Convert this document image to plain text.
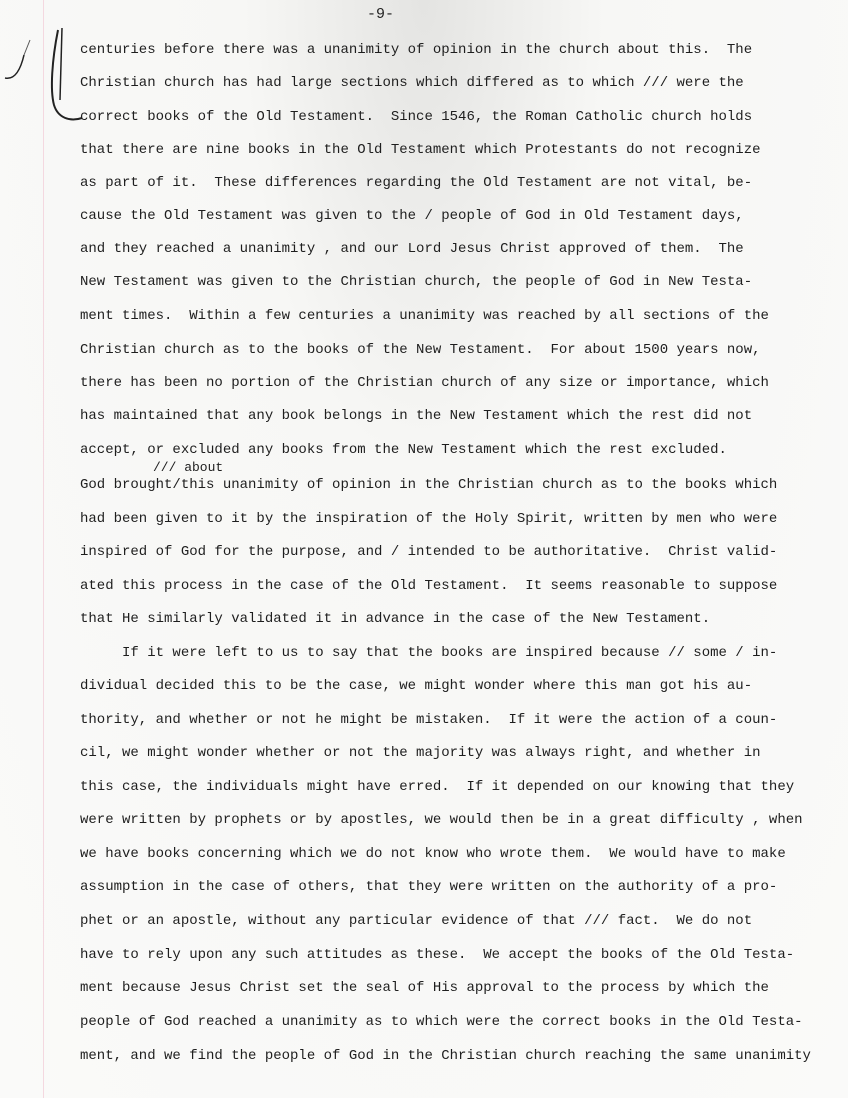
-9-
/// about
centuries before there was a unanimity of opinion in the church about this.  The
Christian church has had large sections which differed as to which /// were the
correct books of the Old Testament.  Since 1546, the Roman Catholic church holds
that there are nine books in the Old Testament which Protestants do not recognize
as part of it.  These differences regarding the Old Testament are not vital, be-
cause the Old Testament was given to the / people of God in Old Testament days,
and they reached a unanimity , and our Lord Jesus Christ approved of them.  The
New Testament was given to the Christian church, the people of God in New Testa-
ment times.  Within a few centuries a unanimity was reached by all sections of the
Christian church as to the books of the New Testament.  For about 1500 years now,
there has been no portion of the Christian church of any size or importance, which
has maintained that any book belongs in the New Testament which the rest did not
accept, or excluded any books from the New Testament which the rest excluded.
God brought/this unanimity of opinion in the Christian church as to the books which
had been given to it by the inspiration of the Holy Spirit, written by men who were
inspired of God for the purpose, and / intended to be authoritative.  Christ valid-
ated this process in the case of the Old Testament.  It seems reasonable to suppose
that He similarly validated it in advance in the case of the New Testament.
If it were left to us to say that the books are inspired because // some / in-
dividual decided this to be the case, we might wonder where this man got his au-
thority, and whether or not he might be mistaken.  If it were the action of a coun-
cil, we might wonder whether or not the majority was always right, and whether in
this case, the individuals might have erred.  If it depended on our knowing that they
were written by prophets or by apostles, we would then be in a great difficulty , when
we have books concerning which we do not know who wrote them.  We would have to make
assumption in the case of others, that they were written on the authority of a pro-
phet or an apostle, without any particular evidence of that /// fact.  We do not
have to rely upon any such attitudes as these.  We accept the books of the Old Testa-
ment because Jesus Christ set the seal of His approval to the process by which the
people of God reached a unanimity as to which were the correct books in the Old Testa-
ment, and we find the people of God in the Christian church reaching the same unanimity
